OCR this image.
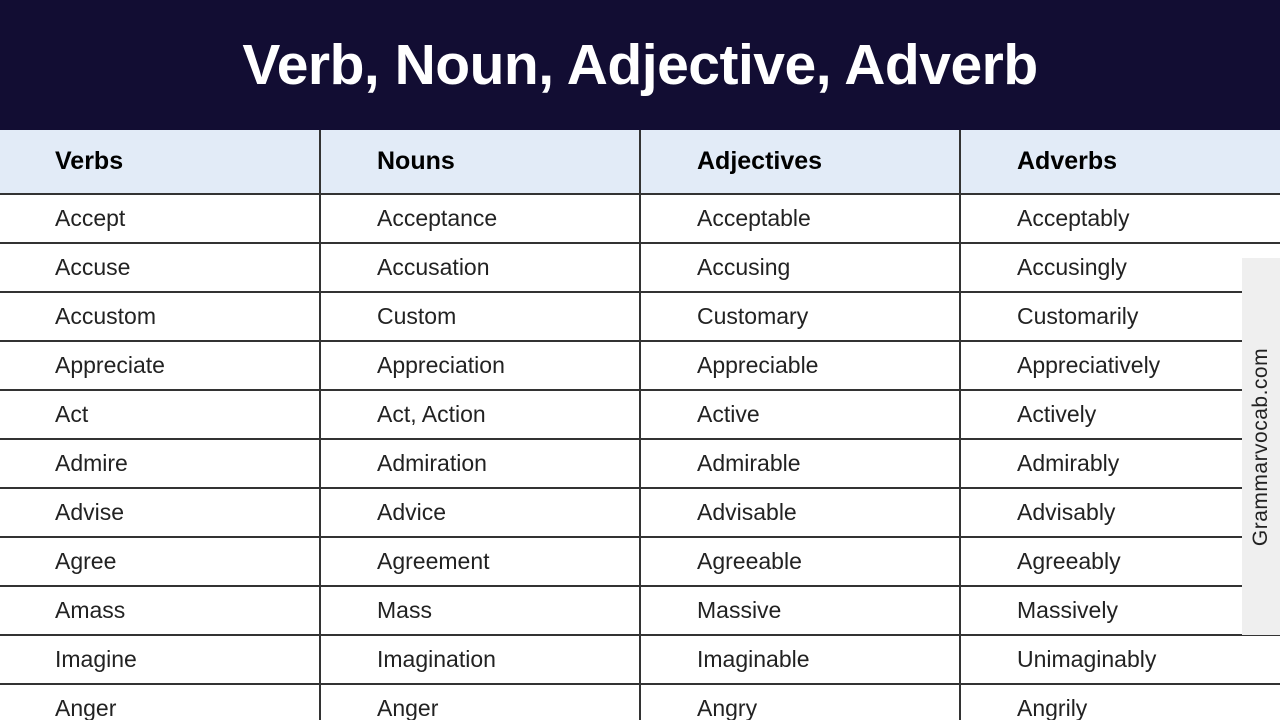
Verb, Noun, Adjective, Adverb
Verbs	Nouns	Adjectives	Adverbs
Accept	Acceptance	Acceptable	Acceptably
Accuse	Accusation	Accusing	Accusingly
Accustom	Custom	Customary	Customarily
Appreciate	Appreciation	Appreciable	Appreciatively
Act	Act, Action	Active	Actively
Admire	Admiration	Admirable	Admirably
Advise	Advice	Advisable	Advisably
Agree	Agreement	Agreeable	Agreeably
Amass	Mass	Massive	Massively
Imagine	Imagination	Imaginable	Unimaginably
Anger	Anger	Angry	Angrily
Grammarvocab.com
